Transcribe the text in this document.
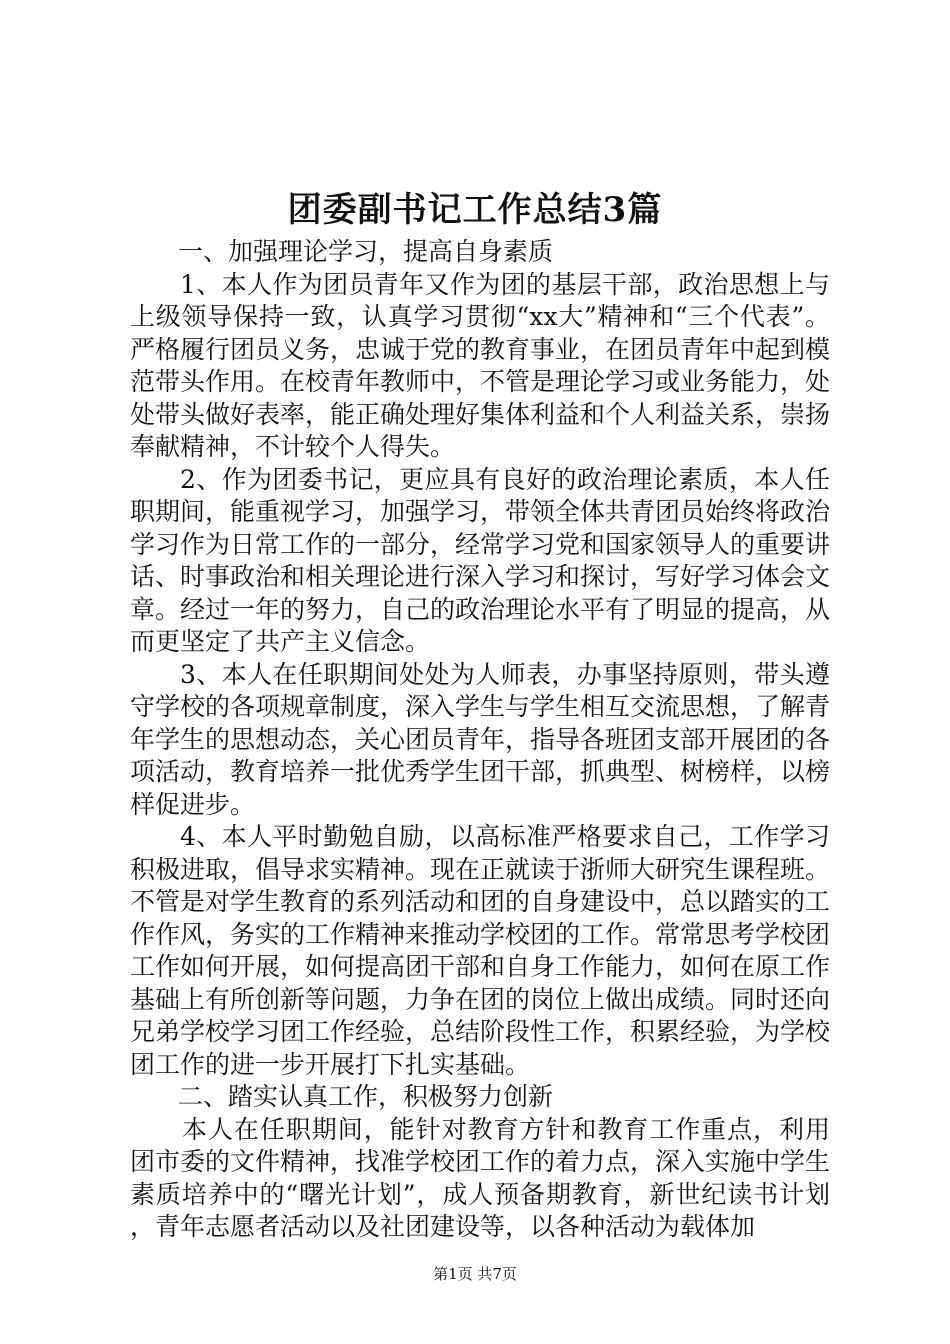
团委副书记工作总结3篇

一、加强理论学习，提高自身素质

1、本人作为团员青年又作为团的基层干部，政治思想上与上级领导保持一致，认真学习贯彻“xx大”精神和“三个代表”。严格履行团员义务，忠诚于党的教育事业，在团员青年中起到模范带头作用。在校青年教师中，不管是理论学习或业务能力，处处带头做好表率，能正确处理好集体利益和个人利益关系，崇扬奉献精神，不计较个人得失。

2、作为团委书记，更应具有良好的政治理论素质，本人任职期间，能重视学习，加强学习，带领全体共青团员始终将政治学习作为日常工作的一部分，经常学习党和国家领导人的重要讲话、时事政治和相关理论进行深入学习和探讨，写好学习体会文章。经过一年的努力，自己的政治理论水平有了明显的提高，从而更坚定了共产主义信念。

3、本人在任职期间处处为人师表，办事坚持原则，带头遵守学校的各项规章制度，深入学生与学生相互交流思想，了解青年学生的思想动态，关心团员青年，指导各班团支部开展团的各项活动，教育培养一批优秀学生团干部，抓典型、树榜样，以榜样促进步。

4、本人平时勤勉自励，以高标准严格要求自己，工作学习积极进取，倡导求实精神。现在正就读于浙师大研究生课程班。不管是对学生教育的系列活动和团的自身建设中，总以踏实的工作作风，务实的工作精神来推动学校团的工作。常常思考学校团工作如何开展，如何提高团干部和自身工作能力，如何在原工作基础上有所创新等问题，力争在团的岗位上做出成绩。同时还向兄弟学校学习团工作经验，总结阶段性工作，积累经验，为学校团工作的进一步开展打下扎实基础。

二、踏实认真工作，积极努力创新

本人在任职期间，能针对教育方针和教育工作重点，利用团市委的文件精神，找准学校团工作的着力点，深入实施中学生素质培养中的“曙光计划”，成人预备期教育，新世纪读书计划，青年志愿者活动以及社团建设等，以各种活动为载体加

第1页 共7页
